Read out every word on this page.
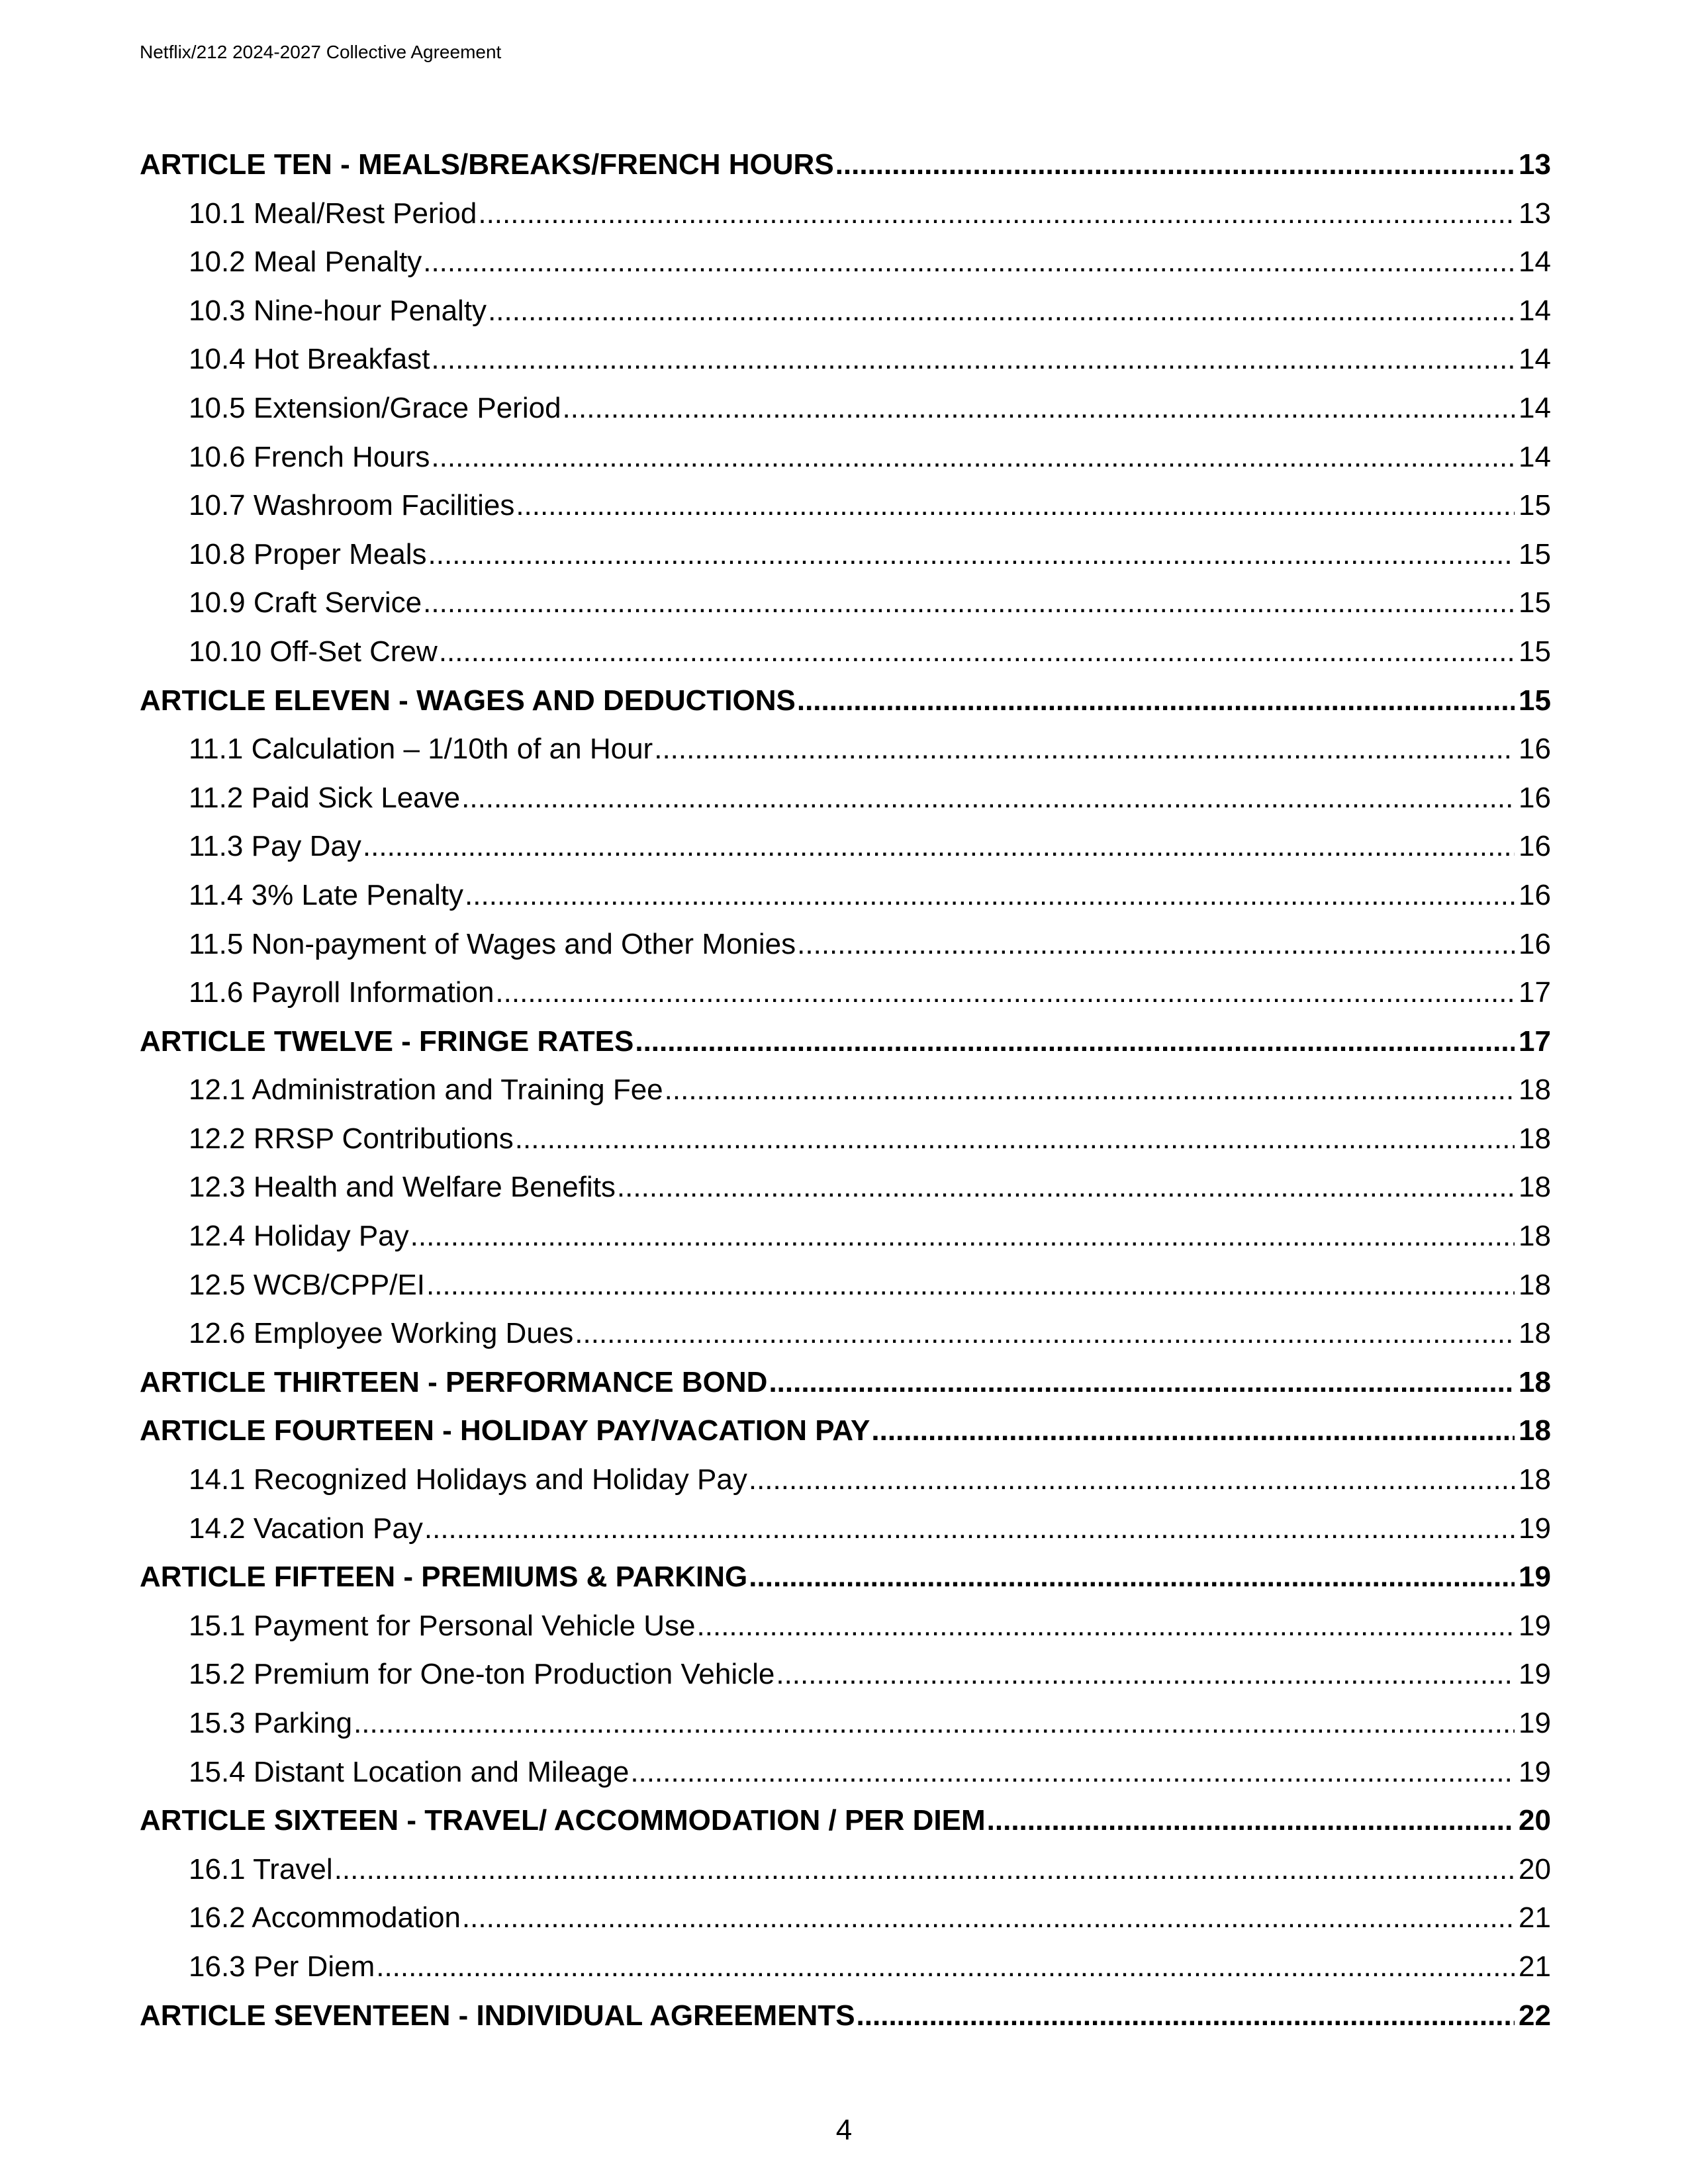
Netflix/212 2024-2027 Collective Agreement
ARTICLE TEN - MEALS/BREAKS/FRENCH HOURS .....	13
10.1 Meal/Rest Period .....	13
10.2 Meal Penalty .....	14
10.3 Nine-hour Penalty .....	14
10.4 Hot Breakfast .....	14
10.5 Extension/Grace Period .....	14
10.6 French Hours .....	14
10.7 Washroom Facilities .....	15
10.8 Proper Meals .....	15
10.9 Craft Service .....	15
10.10 Off-Set Crew .....	15
ARTICLE ELEVEN - WAGES AND DEDUCTIONS .....	15
11.1 Calculation – 1/10th of an Hour .....	16
11.2 Paid Sick Leave .....	16
11.3 Pay Day .....	16
11.4 3% Late Penalty .....	16
11.5 Non-payment of Wages and Other Monies .....	16
11.6 Payroll Information .....	17
ARTICLE TWELVE - FRINGE RATES .....	17
12.1 Administration and Training Fee .....	18
12.2 RRSP Contributions .....	18
12.3 Health and Welfare Benefits .....	18
12.4 Holiday Pay .....	18
12.5 WCB/CPP/EI .....	18
12.6 Employee Working Dues .....	18
ARTICLE THIRTEEN - PERFORMANCE BOND .....	18
ARTICLE FOURTEEN - HOLIDAY PAY/VACATION PAY .....	18
14.1 Recognized Holidays and Holiday Pay .....	18
14.2 Vacation Pay .....	19
ARTICLE FIFTEEN - PREMIUMS & PARKING .....	19
15.1 Payment for Personal Vehicle Use .....	19
15.2 Premium for One-ton Production Vehicle .....	19
15.3 Parking .....	19
15.4 Distant Location and Mileage .....	19
ARTICLE SIXTEEN - TRAVEL/ ACCOMMODATION / PER DIEM .....	20
16.1 Travel .....	20
16.2 Accommodation .....	21
16.3 Per Diem .....	21
ARTICLE SEVENTEEN - INDIVIDUAL AGREEMENTS .....	22
4
